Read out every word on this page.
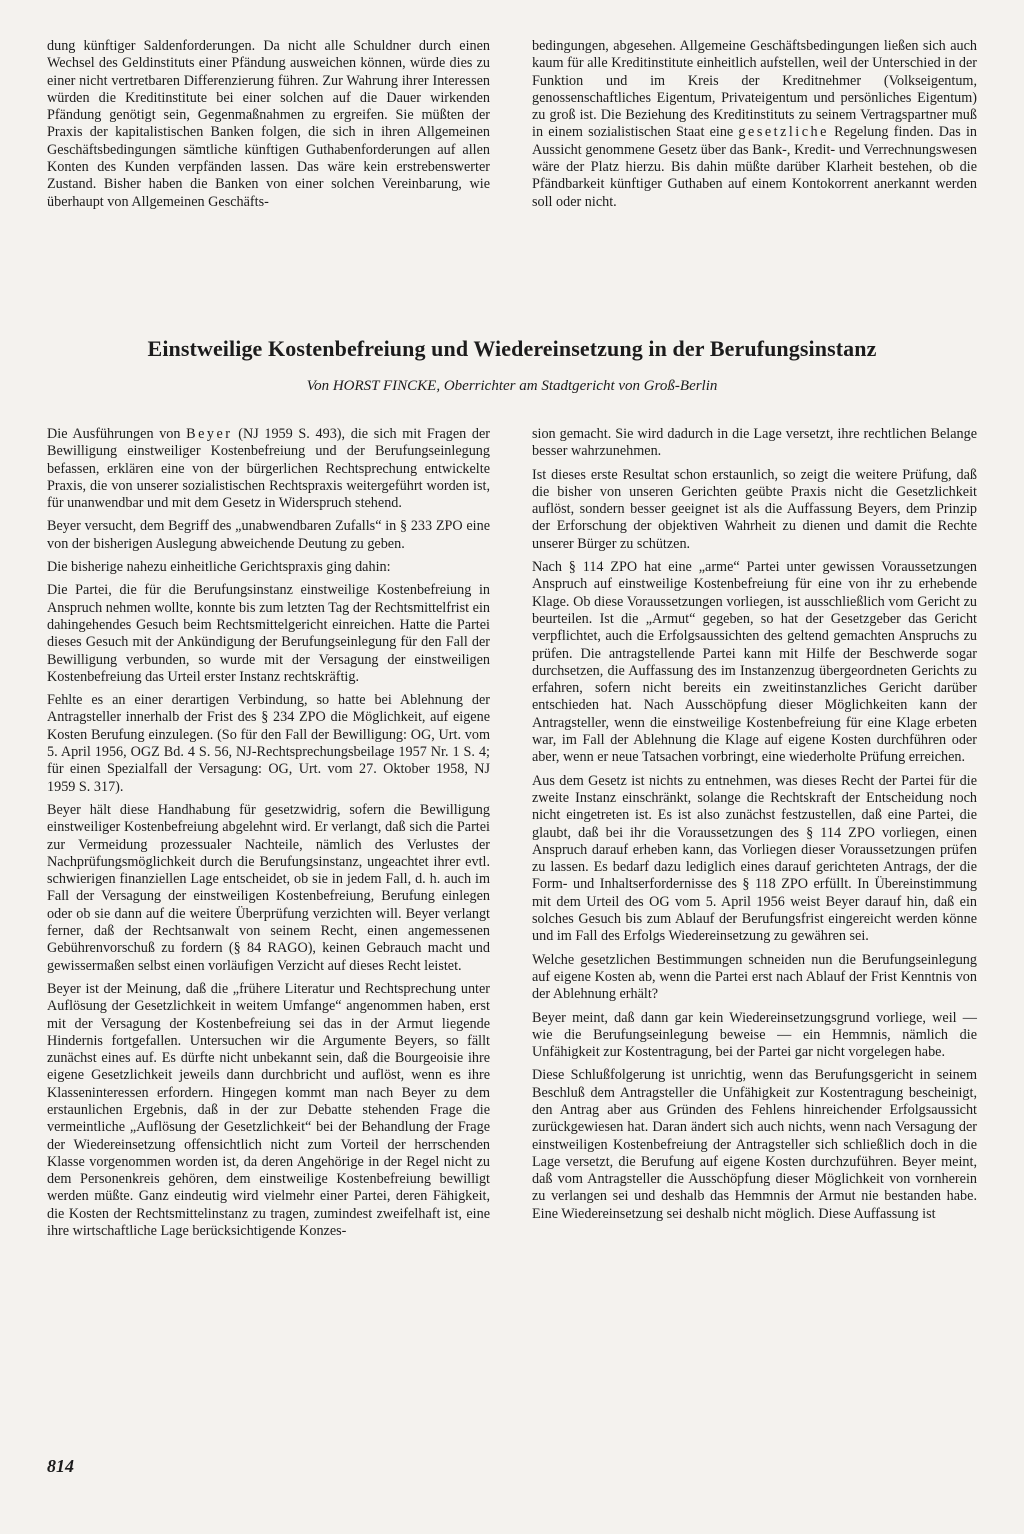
dung künftiger Saldenforderungen. Da nicht alle Schuldner durch einen Wechsel des Geldinstituts einer Pfändung ausweichen können, würde dies zu einer nicht vertretbaren Differenzierung führen. Zur Wahrung ihrer Interessen würden die Kreditinstitute bei einer solchen auf die Dauer wirkenden Pfändung genötigt sein, Gegenmaßnahmen zu ergreifen. Sie müßten der Praxis der kapitalistischen Banken folgen, die sich in ihren Allgemeinen Geschäftsbedingungen sämtliche künftigen Guthabenforderungen auf allen Konten des Kunden verpfänden lassen. Das wäre kein erstrebenswerter Zustand. Bisher haben die Banken von einer solchen Vereinbarung, wie überhaupt von Allgemeinen Geschäfts-

bedingungen, abgesehen. Allgemeine Geschäftsbedingungen ließen sich auch kaum für alle Kreditinstitute einheitlich aufstellen, weil der Unterschied in der Funktion und im Kreis der Kreditnehmer (Volkseigentum, genossenschaftliches Eigentum, Privateigentum und persönliches Eigentum) zu groß ist. Die Beziehung des Kreditinstituts zu seinem Vertragspartner muß in einem sozialistischen Staat eine gesetzliche Regelung finden. Das in Aussicht genommene Gesetz über das Bank-, Kredit- und Verrechnungswesen wäre der Platz hierzu. Bis dahin müßte darüber Klarheit bestehen, ob die Pfändbarkeit künftiger Guthaben auf einem Kontokorrent anerkannt werden soll oder nicht.

Einstweilige Kostenbefreiung und Wiedereinsetzung in der Berufungsinstanz
Von HORST FINCKE, Oberrichter am Stadtgericht von Groß-Berlin

Die Ausführungen von Beyer (NJ 1959 S. 493), die sich mit Fragen der Bewilligung einstweiliger Kostenbefreiung und der Berufungseinlegung befassen, erklären eine von der bürgerlichen Rechtsprechung entwickelte Praxis, die von unserer sozialistischen Rechtspraxis weitergeführt worden ist, für unanwendbar und mit dem Gesetz in Widerspruch stehend.

Beyer versucht, dem Begriff des „unabwendbaren Zufalls“ in § 233 ZPO eine von der bisherigen Auslegung abweichende Deutung zu geben.

Die bisherige nahezu einheitliche Gerichtspraxis ging dahin:

Die Partei, die für die Berufungsinstanz einstweilige Kostenbefreiung in Anspruch nehmen wollte, konnte bis zum letzten Tag der Rechtsmittelfrist ein dahingehendes Gesuch beim Rechtsmittelgericht einreichen. Hatte die Partei dieses Gesuch mit der Ankündigung der Berufungseinlegung für den Fall der Bewilligung verbunden, so wurde mit der Versagung der einstweiligen Kostenbefreiung das Urteil erster Instanz rechtskräftig.

Fehlte es an einer derartigen Verbindung, so hatte bei Ablehnung der Antragsteller innerhalb der Frist des § 234 ZPO die Möglichkeit, auf eigene Kosten Berufung einzulegen. (So für den Fall der Bewilligung: OG, Urt. vom 5. April 1956, OGZ Bd. 4 S. 56, NJ-Rechtsprechungsbeilage 1957 Nr. 1 S. 4; für einen Spezialfall der Versagung: OG, Urt. vom 27. Oktober 1958, NJ 1959 S. 317).

Beyer hält diese Handhabung für gesetzwidrig, sofern die Bewilligung einstweiliger Kostenbefreiung abgelehnt wird. Er verlangt, daß sich die Partei zur Vermeidung prozessualer Nachteile, nämlich des Verlustes der Nachprüfungsmöglichkeit durch die Berufungsinstanz, ungeachtet ihrer evtl. schwierigen finanziellen Lage entscheidet, ob sie in jedem Fall, d. h. auch im Fall der Versagung der einstweiligen Kostenbefreiung, Berufung einlegen oder ob sie dann auf die weitere Überprüfung verzichten will. Beyer verlangt ferner, daß der Rechtsanwalt von seinem Recht, einen angemessenen Gebührenvorschuß zu fordern (§ 84 RAGO), keinen Gebrauch macht und gewissermaßen selbst einen vorläufigen Verzicht auf dieses Recht leistet.

Beyer ist der Meinung, daß die „frühere Literatur und Rechtsprechung unter Auflösung der Gesetzlichkeit in weitem Umfange“ angenommen haben, erst mit der Versagung der Kostenbefreiung sei das in der Armut liegende Hindernis fortgefallen. Untersuchen wir die Argumente Beyers, so fällt zunächst eines auf. Es dürfte nicht unbekannt sein, daß die Bourgeoisie ihre eigene Gesetzlichkeit jeweils dann durchbricht und auflöst, wenn es ihre Klasseninteressen erfordern. Hingegen kommt man nach Beyer zu dem erstaunlichen Ergebnis, daß in der zur Debatte stehenden Frage die vermeintliche „Auflösung der Gesetzlichkeit“ bei der Behandlung der Frage der Wiedereinsetzung offensichtlich nicht zum Vorteil der herrschenden Klasse vorgenommen worden ist, da deren Angehörige in der Regel nicht zu dem Personenkreis gehören, dem einstweilige Kostenbefreiung bewilligt werden müßte. Ganz eindeutig wird vielmehr einer Partei, deren Fähigkeit, die Kosten der Rechtsmittelinstanz zu tragen, zumindest zweifelhaft ist, eine ihre wirtschaftliche Lage berücksichtigende Konzes-

sion gemacht. Sie wird dadurch in die Lage versetzt, ihre rechtlichen Belange besser wahrzunehmen.

Ist dieses erste Resultat schon erstaunlich, so zeigt die weitere Prüfung, daß die bisher von unseren Gerichten geübte Praxis nicht die Gesetzlichkeit auflöst, sondern besser geeignet ist als die Auffassung Beyers, dem Prinzip der Erforschung der objektiven Wahrheit zu dienen und damit die Rechte unserer Bürger zu schützen.

Nach § 114 ZPO hat eine „arme“ Partei unter gewissen Voraussetzungen Anspruch auf einstweilige Kostenbefreiung für eine von ihr zu erhebende Klage. Ob diese Voraussetzungen vorliegen, ist ausschließlich vom Gericht zu beurteilen. Ist die „Armut“ gegeben, so hat der Gesetzgeber das Gericht verpflichtet, auch die Erfolgsaussichten des geltend gemachten Anspruchs zu prüfen. Die antragstellende Partei kann mit Hilfe der Beschwerde sogar durchsetzen, die Auffassung des im Instanzenzug übergeordneten Gerichts zu erfahren, sofern nicht bereits ein zweitinstanzliches Gericht darüber entschieden hat. Nach Ausschöpfung dieser Möglichkeiten kann der Antragsteller, wenn die einstweilige Kostenbefreiung für eine Klage erbeten war, im Fall der Ablehnung die Klage auf eigene Kosten durchführen oder aber, wenn er neue Tatsachen vorbringt, eine wiederholte Prüfung erreichen.

Aus dem Gesetz ist nichts zu entnehmen, was dieses Recht der Partei für die zweite Instanz einschränkt, solange die Rechtskraft der Entscheidung noch nicht eingetreten ist. Es ist also zunächst festzustellen, daß eine Partei, die glaubt, daß bei ihr die Voraussetzungen des § 114 ZPO vorliegen, einen Anspruch darauf erheben kann, das Vorliegen dieser Voraussetzungen prüfen zu lassen. Es bedarf dazu lediglich eines darauf gerichteten Antrags, der die Form- und Inhaltserfordernisse des § 118 ZPO erfüllt. In Übereinstimmung mit dem Urteil des OG vom 5. April 1956 weist Beyer darauf hin, daß ein solches Gesuch bis zum Ablauf der Berufungsfrist eingereicht werden könne und im Fall des Erfolgs Wiedereinsetzung zu gewähren sei.

Welche gesetzlichen Bestimmungen schneiden nun die Berufungseinlegung auf eigene Kosten ab, wenn die Partei erst nach Ablauf der Frist Kenntnis von der Ablehnung erhält?

Beyer meint, daß dann gar kein Wiedereinsetzungsgrund vorliege, weil — wie die Berufungseinlegung beweise — ein Hemmnis, nämlich die Unfähigkeit zur Kostentragung, bei der Partei gar nicht vorgelegen habe.

Diese Schlußfolgerung ist unrichtig, wenn das Berufungsgericht in seinem Beschluß dem Antragsteller die Unfähigkeit zur Kostentragung bescheinigt, den Antrag aber aus Gründen des Fehlens hinreichender Erfolgsaussicht zurückgewiesen hat. Daran ändert sich auch nichts, wenn nach Versagung der einstweiligen Kostenbefreiung der Antragsteller sich schließlich doch in die Lage versetzt, die Berufung auf eigene Kosten durchzuführen. Beyer meint, daß vom Antragsteller die Ausschöpfung dieser Möglichkeit von vornherein zu verlangen sei und deshalb das Hemmnis der Armut nie bestanden habe. Eine Wiedereinsetzung sei deshalb nicht möglich. Diese Auffassung ist

814
